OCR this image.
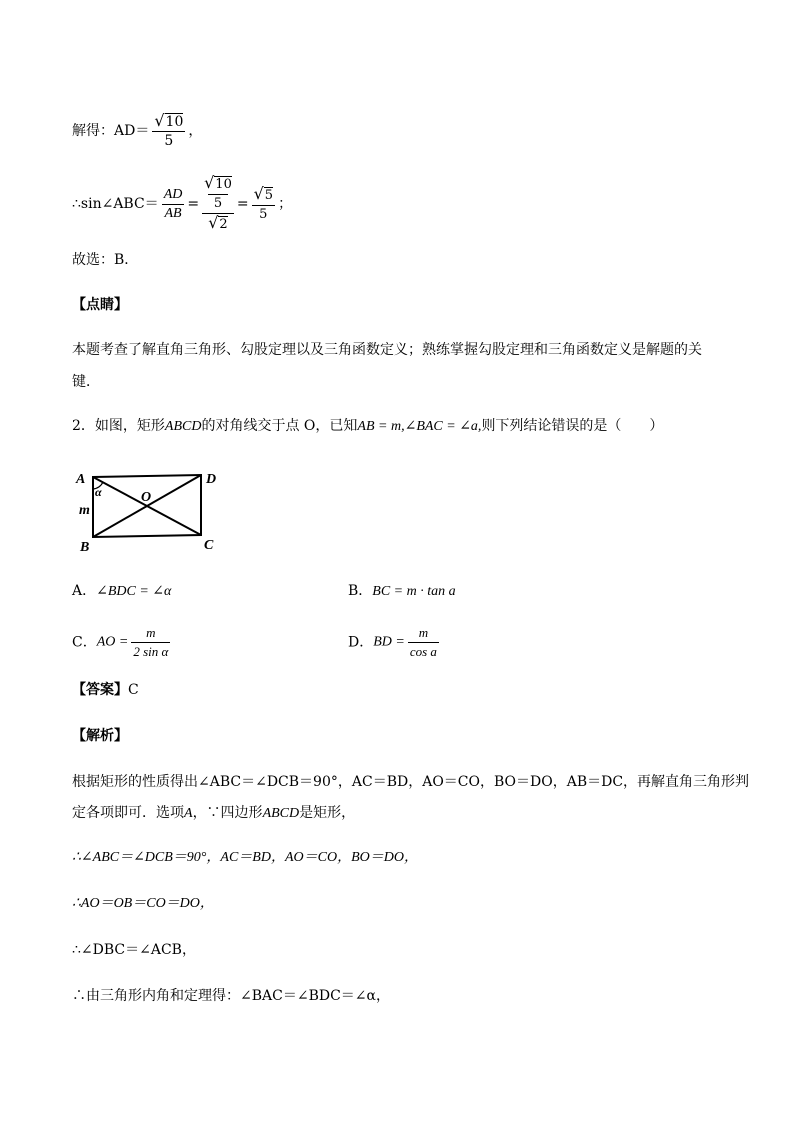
解得：$AD= \frac{√10}{5}$ ，
∴sin∠ABC＝ $\frac{AD}{AB}$ =
√10
5
√2
= $\frac{√5}{5}$ ；
故选：B．
【点睛】
本题考查了解直角三角形、勾股定理以及三角函数定义；熟练掌握勾股定理和三角函数定义是解题的关
键．
2．如图，矩形ABCD的对角线交于点 O，已知AB = m,∠BAC = ∠a,则下列结论错误的是（　　）
A	D
B	C
O
m
α
A．∠BDC = ∠α	B．BC = m · tan a
C．AO = $\frac{m}{\text{2 sin α}}$	D．BD = $\frac{m}{\text{cos a}}$
【答案】C
【解析】
根据矩形的性质得出∠ABC＝∠DCB＝90°，AC＝BD，AO＝CO，BO＝DO，AB＝DC，再解直角三角形判
定各项即可．选项A，∵四边形ABCD是矩形，
∴∠ABC＝∠DCB＝90°，AC＝BD，AO＝CO，BO＝DO，
∴AO＝OB＝CO＝DO，
∴∠DBC＝∠ACB，
∴由三角形内角和定理得：∠BAC＝∠BDC＝∠α，
